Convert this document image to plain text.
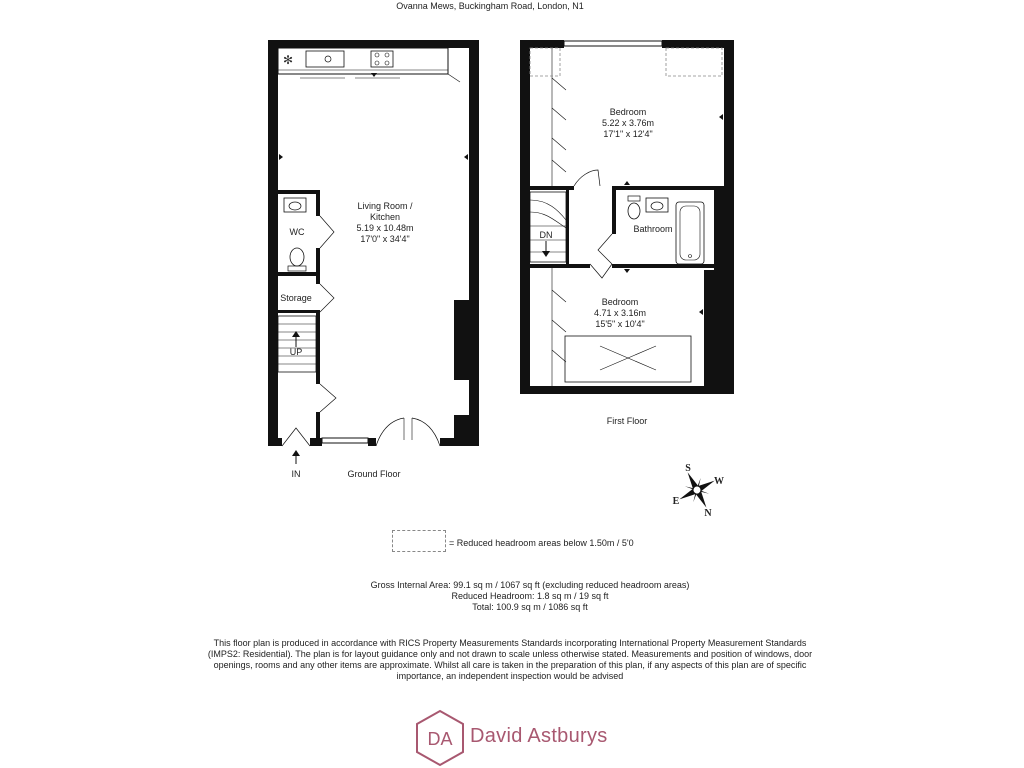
Ovanna Mews, Buckingham Road, London, N1
✻
Living Room /
Kitchen
5.19 x 10.48m
17'0" x 34'4"
WC
Storage
UP
IN	Ground Floor
Bedroom
5.22 x 3.76m
17'1" x 12'4"
Bathroom
DN
Bedroom
4.71 x 3.16m
15'5" x 10'4"
First Floor
S
W
E
N
= Reduced headroom areas below 1.50m / 5'0
Gross Internal Area: 99.1 sq m / 1067 sq ft (excluding reduced headroom areas)
Reduced Headroom: 1.8 sq m / 19 sq ft
Total: 100.9 sq m / 1086 sq ft
This floor plan is produced in accordance with RICS Property Measurements Standards incorporating International Property Measurement Standards (IMPS2: Residential). The plan is for layout guidance only and not drawn to scale unless otherwise stated. Measurements and position of windows, door openings, rooms and any other items are approximate. Whilst all care is taken in the preparation of this plan, if any aspects of this plan are of specific importance, an independent inspection would be advised
DA David Astburys
